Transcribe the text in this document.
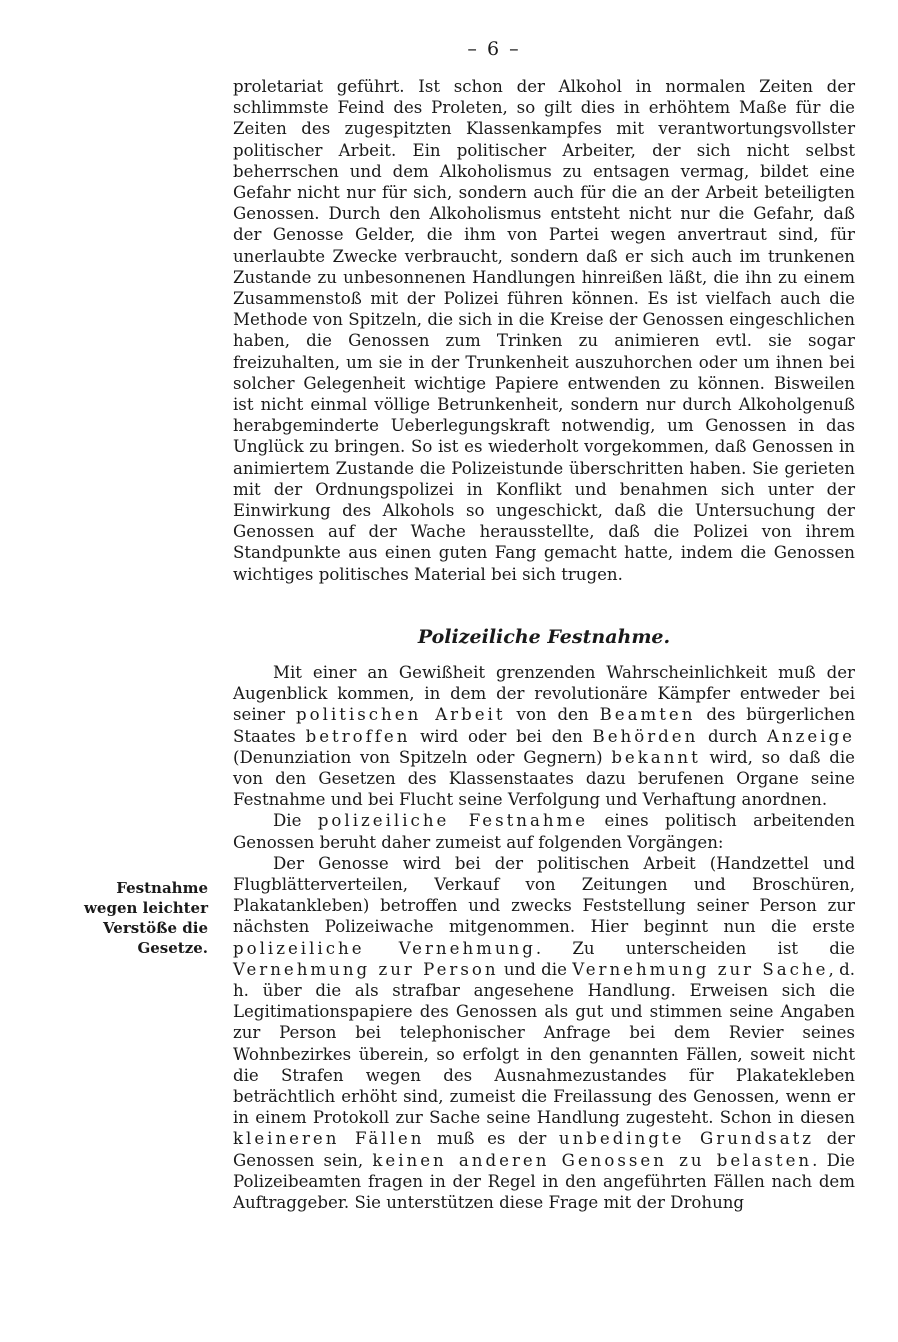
– 6 –
proletariat geführt. Ist schon der Alkohol in normalen Zeiten der schlimmste Feind des Proleten, so gilt dies in erhöhtem Maße für die Zeiten des zugespitzten Klassenkampfes mit verantwortungsvollster politischer Arbeit. Ein politischer Arbeiter, der sich nicht selbst beherrschen und dem Alkoholismus zu entsagen vermag, bildet eine Gefahr nicht nur für sich, sondern auch für die an der Arbeit beteiligten Genossen. Durch den Alkoholismus entsteht nicht nur die Gefahr, daß der Genosse Gelder, die ihm von Partei wegen anvertraut sind, für unerlaubte Zwecke verbraucht, sondern daß er sich auch im trunkenen Zustande zu unbesonnenen Handlungen hinreißen läßt, die ihn zu einem Zusammenstoß mit der Polizei führen können. Es ist vielfach auch die Methode von Spitzeln, die sich in die Kreise der Genossen eingeschlichen haben, die Genossen zum Trinken zu animieren evtl. sie sogar freizuhalten, um sie in der Trunkenheit auszuhorchen oder um ihnen bei solcher Gelegenheit wichtige Papiere entwenden zu können. Bisweilen ist nicht einmal völlige Betrunkenheit, sondern nur durch Alkoholgenuß herabgeminderte Ueberlegungskraft notwendig, um Genossen in das Unglück zu bringen. So ist es wiederholt vorgekommen, daß Genossen in animiertem Zustande die Polizeistunde überschritten haben. Sie gerieten mit der Ordnungspolizei in Konflikt und benahmen sich unter der Einwirkung des Alkohols so ungeschickt, daß die Untersuchung der Genossen auf der Wache herausstellte, daß die Polizei von ihrem Standpunkte aus einen guten Fang gemacht hatte, indem die Genossen wichtiges politisches Material bei sich trugen.
Polizeiliche Festnahme.

Mit einer an Gewißheit grenzenden Wahrscheinlichkeit muß der Augenblick kommen, in dem der revolutionäre Kämpfer entweder bei seiner politischen Arbeit von den Beamten des bürgerlichen Staates betroffen wird oder bei den Behörden durch Anzeige (Denunziation von Spitzeln oder Gegnern) bekannt wird, so daß die von den Gesetzen des Klassenstaates dazu berufenen Organe seine Festnahme und bei Flucht seine Verfolgung und Verhaftung anordnen.

Die polizeiliche Festnahme eines politisch arbeitenden Genossen beruht daher zumeist auf folgenden Vorgängen:

Der Genosse wird bei der politischen Arbeit (Handzettel und Flugblätterverteilen, Verkauf von Zeitungen und Broschüren, Plakatankleben) betroffen und zwecks Feststellung seiner Person zur nächsten Polizeiwache mitgenommen. Hier beginnt nun die erste polizeiliche Vernehmung. Zu unterscheiden ist die Vernehmung zur Person und die Vernehmung zur Sache, d. h. über die als strafbar angesehene Handlung. Erweisen sich die Legitimationspapiere des Genossen als gut und stimmen seine Angaben zur Person bei telephonischer Anfrage bei dem Revier seines Wohnbezirkes überein, so erfolgt in den genannten Fällen, soweit nicht die Strafen wegen des Ausnahmezustandes für Plakatekleben beträchtlich erhöht sind, zumeist die Freilassung des Genossen, wenn er in einem Protokoll zur Sache seine Handlung zugesteht. Schon in diesen kleineren Fällen muß es der unbedingte Grundsatz der Genossen sein, keinen anderen Genossen zu belasten. Die Polizeibeamten fragen in der Regel in den angeführten Fällen nach dem Auftraggeber. Sie unterstützen diese Frage mit der Drohung

Festnahme wegen leichter Verstöße die Gesetze.
